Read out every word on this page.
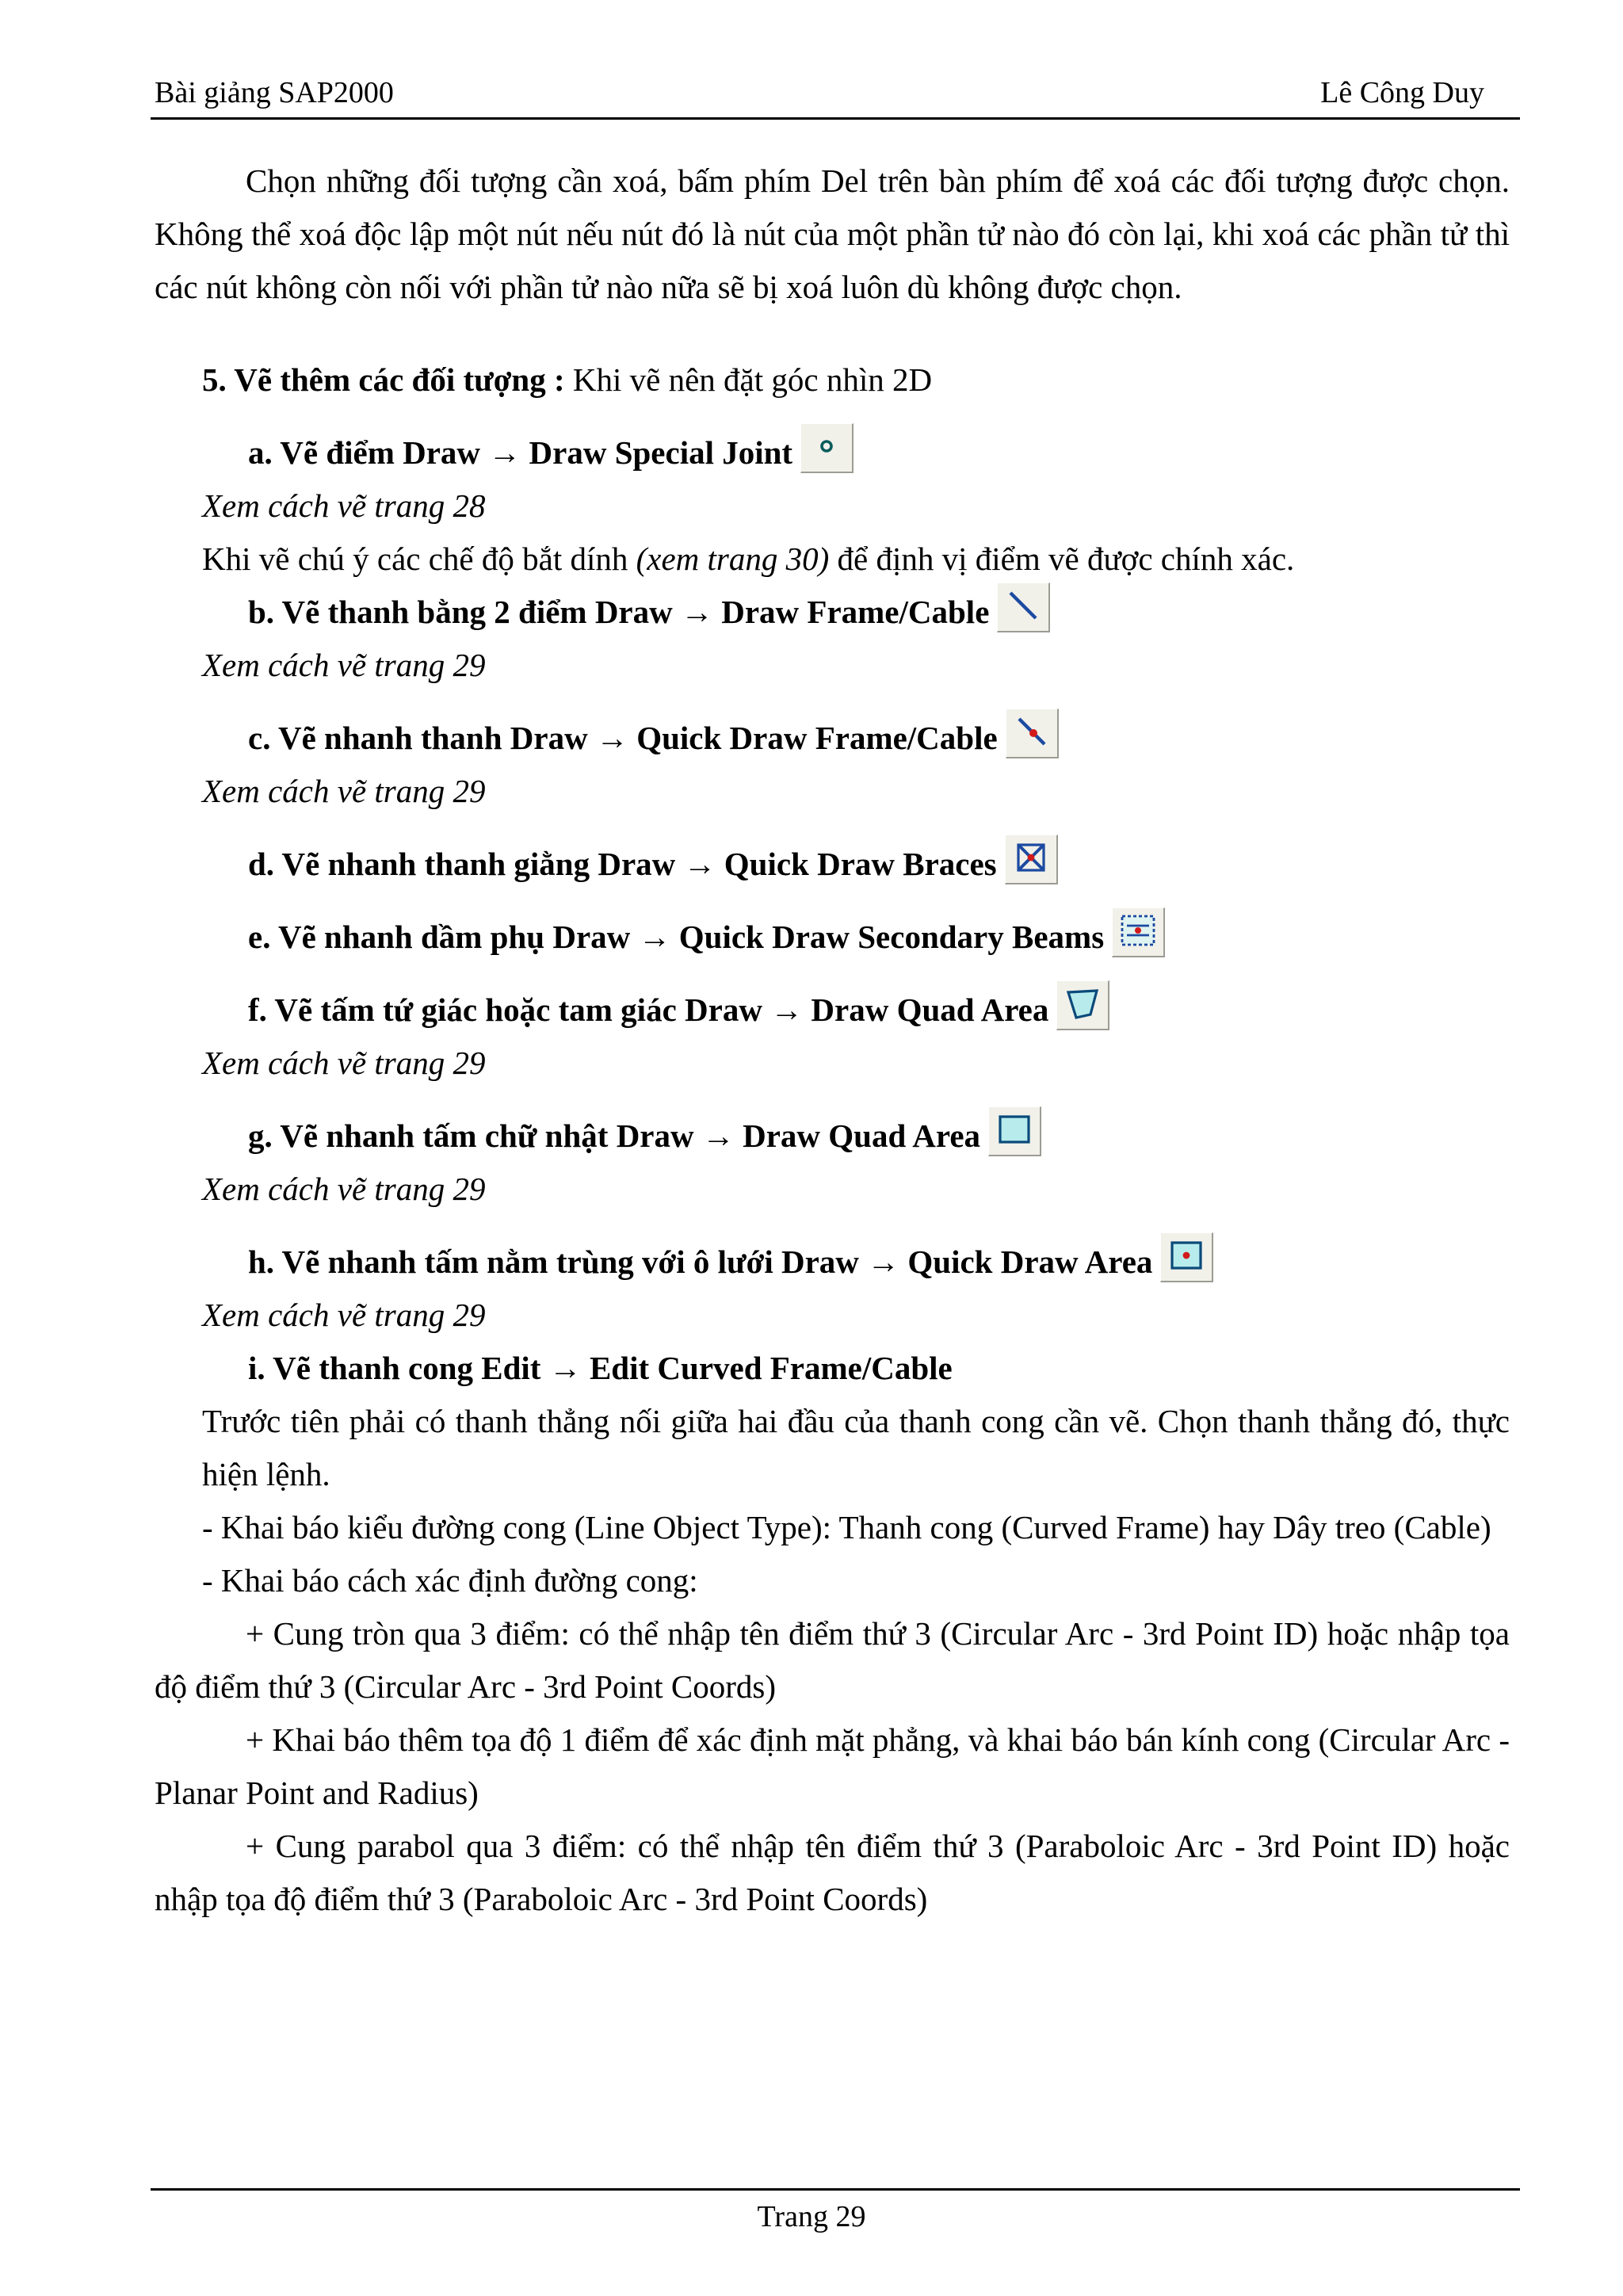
Bài giảng SAP2000	Lê Công Duy

Chọn những đối tượng cần xoá, bấm phím Del trên bàn phím để xoá các đối tượng được chọn. Không thể xoá độc lập một nút nếu nút đó là nút của một phần tử nào đó còn lại, khi xoá các phần tử thì các nút không còn nối với phần tử nào nữa sẽ bị xoá luôn dù không được chọn.

5. Vẽ thêm các đối tượng : Khi vẽ nên đặt góc nhìn 2D

a. Vẽ điểm Draw → Draw Special Joint

Xem cách vẽ trang 28

Khi vẽ chú ý các chế độ bắt dính (xem trang 30) để định vị điểm vẽ được chính xác.

b. Vẽ thanh bằng 2 điểm Draw → Draw Frame/Cable

Xem cách vẽ trang 29

c. Vẽ nhanh thanh Draw → Quick Draw Frame/Cable

Xem cách vẽ trang 29

d. Vẽ nhanh thanh giằng Draw → Quick Draw Braces

e. Vẽ nhanh dầm phụ Draw → Quick Draw Secondary Beams

f. Vẽ tấm tứ giác hoặc tam giác Draw → Draw Quad Area

Xem cách vẽ trang 29

g. Vẽ nhanh tấm chữ nhật Draw → Draw Quad Area

Xem cách vẽ trang 29

h. Vẽ nhanh tấm nằm trùng với ô lưới Draw → Quick Draw Area

Xem cách vẽ trang 29

i. Vẽ thanh cong Edit → Edit Curved Frame/Cable

Trước tiên phải có thanh thẳng nối giữa hai đầu của thanh cong cần vẽ. Chọn thanh thẳng đó, thực hiện lệnh.

- Khai báo kiểu đường cong (Line Object Type): Thanh cong (Curved Frame) hay Dây treo (Cable)

- Khai báo cách xác định đường cong:

+ Cung tròn qua 3 điểm: có thể nhập tên điểm thứ 3 (Circular Arc - 3rd Point ID) hoặc nhập tọa độ điểm thứ 3 (Circular Arc - 3rd Point Coords)

+ Khai báo thêm tọa độ 1 điểm để xác định mặt phẳng, và khai báo bán kính cong (Circular Arc - Planar Point and Radius)

+ Cung parabol qua 3 điểm: có thể nhập tên điểm thứ 3 (Paraboloic Arc - 3rd Point ID) hoặc nhập tọa độ điểm thứ 3 (Paraboloic Arc - 3rd Point Coords)

Trang 29
